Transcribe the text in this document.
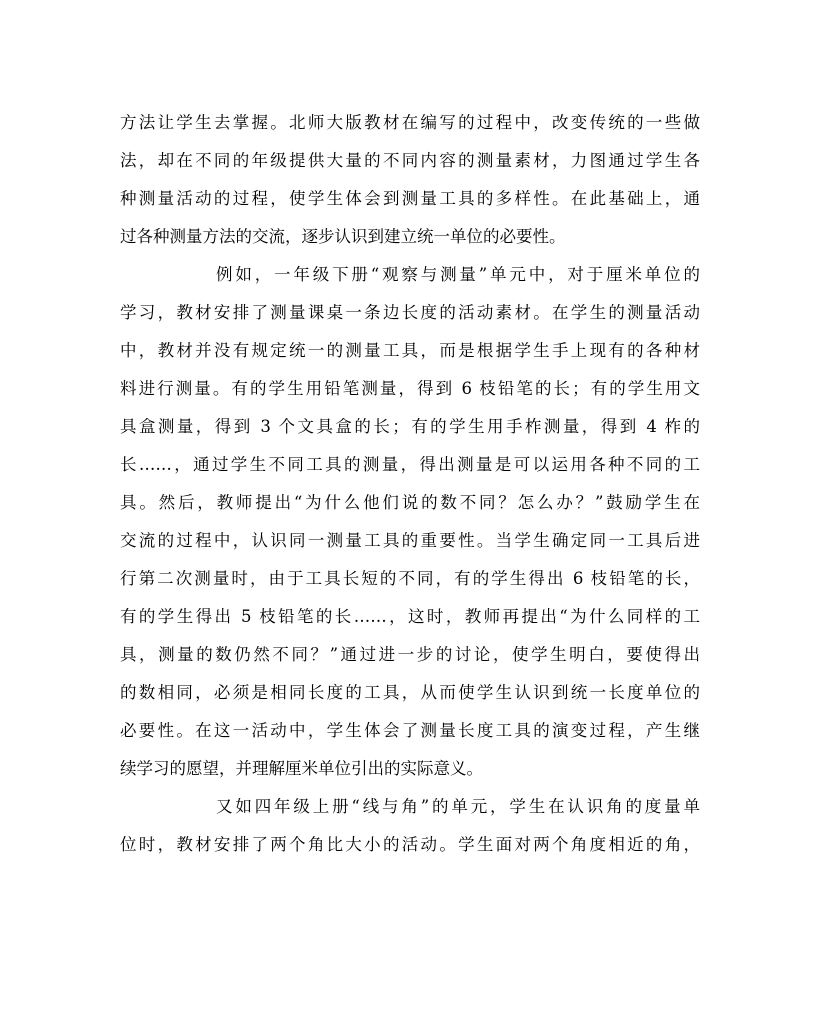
方法让学生去掌握。北师大版教材在编写的过程中，改变传统的一些做
法，却在不同的年级提供大量的不同内容的测量素材，力图通过学生各
种测量活动的过程，使学生体会到测量工具的多样性。在此基础上，通
过各种测量方法的交流，逐步认识到建立统一单位的必要性。
例如，一年级下册“观察与测量”单元中，对于厘米单位的
学习，教材安排了测量课桌一条边长度的活动素材。在学生的测量活动
中，教材并没有规定统一的测量工具，而是根据学生手上现有的各种材
料进行测量。有的学生用铅笔测量，得到 6 枝铅笔的长；有的学生用文
具盒测量，得到 3 个文具盒的长；有的学生用手柞测量，得到 4 柞的
长……，通过学生不同工具的测量，得出测量是可以运用各种不同的工
具。然后，教师提出“为什么他们说的数不同？怎么办？”鼓励学生在
交流的过程中，认识同一测量工具的重要性。当学生确定同一工具后进
行第二次测量时，由于工具长短的不同，有的学生得出 6 枝铅笔的长，
有的学生得出 5 枝铅笔的长……，这时，教师再提出“为什么同样的工
具，测量的数仍然不同？”通过进一步的讨论，使学生明白，要使得出
的数相同，必须是相同长度的工具，从而使学生认识到统一长度单位的
必要性。在这一活动中，学生体会了测量长度工具的演变过程，产生继
续学习的愿望，并理解厘米单位引出的实际意义。
又如四年级上册“线与角”的单元，学生在认识角的度量单
位时，教材安排了两个角比大小的活动。学生面对两个角度相近的角，
